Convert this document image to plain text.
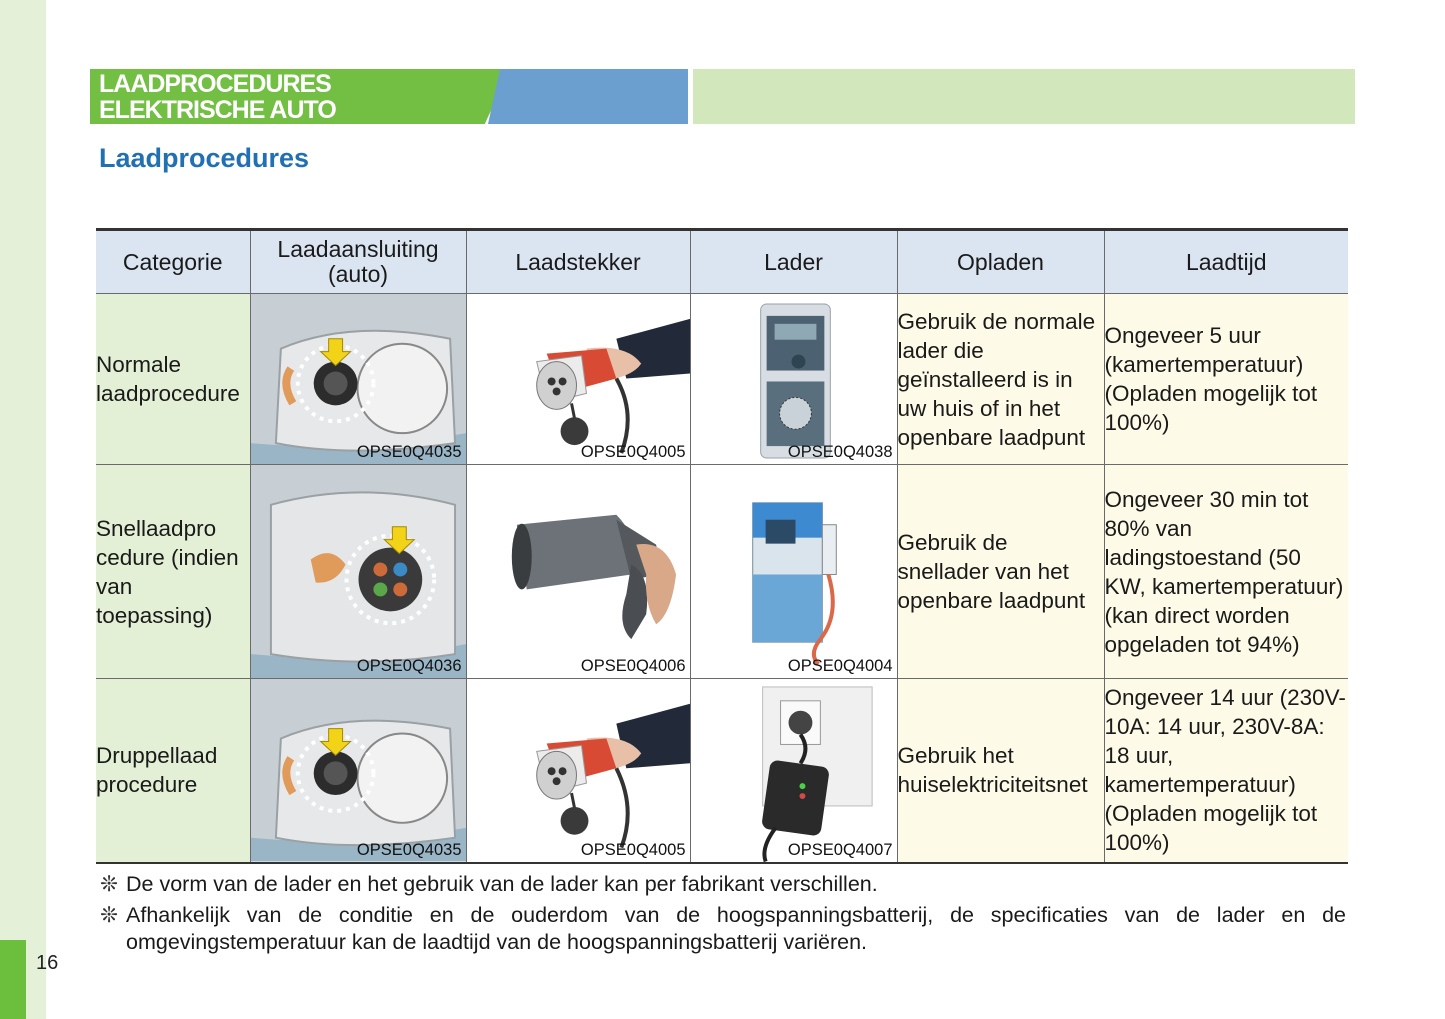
16
LAADPROCEDURES
ELEKTRISCHE AUTO
Laadprocedures
Categorie	Laadaansluiting (auto)	Laadstekker	Lader	Opladen	Laadtijd
Normale laadprocedure	OPSE0Q4035	OPSE0Q4005	OPSE0Q4038	Gebruik de normale lader die geïnstalleerd is in uw huis of in het openbare laadpunt	Ongeveer 5 uur (kamertemperatuur) (Opladen mogelijk tot 100%)
Snellaadpro cedure (indien van toepassing)	OPSE0Q4036	OPSE0Q4006	OPSE0Q4004	Gebruik de snellader van het openbare laadpunt	Ongeveer 30 min tot 80% van ladingstoestand (50 KW, kamertemperatuur) (kan direct worden opgeladen tot 94%)
Druppellaad procedure	OPSE0Q4035	OPSE0Q4005	OPSE0Q4007	Gebruik het huiselektriciteitsnet	Ongeveer 14 uur (230V-10A: 14 uur, 230V-8A: 18 uur, kamertemperatuur) (Opladen mogelijk tot 100%)
❊ De vorm van de lader en het gebruik van de lader kan per fabrikant verschillen.
❊ Afhankelijk van de conditie en de ouderdom van de hoogspanningsbatterij, de specificaties van de lader en de omgevingstemperatuur kan de laadtijd van de hoogspanningsbatterij variëren.
